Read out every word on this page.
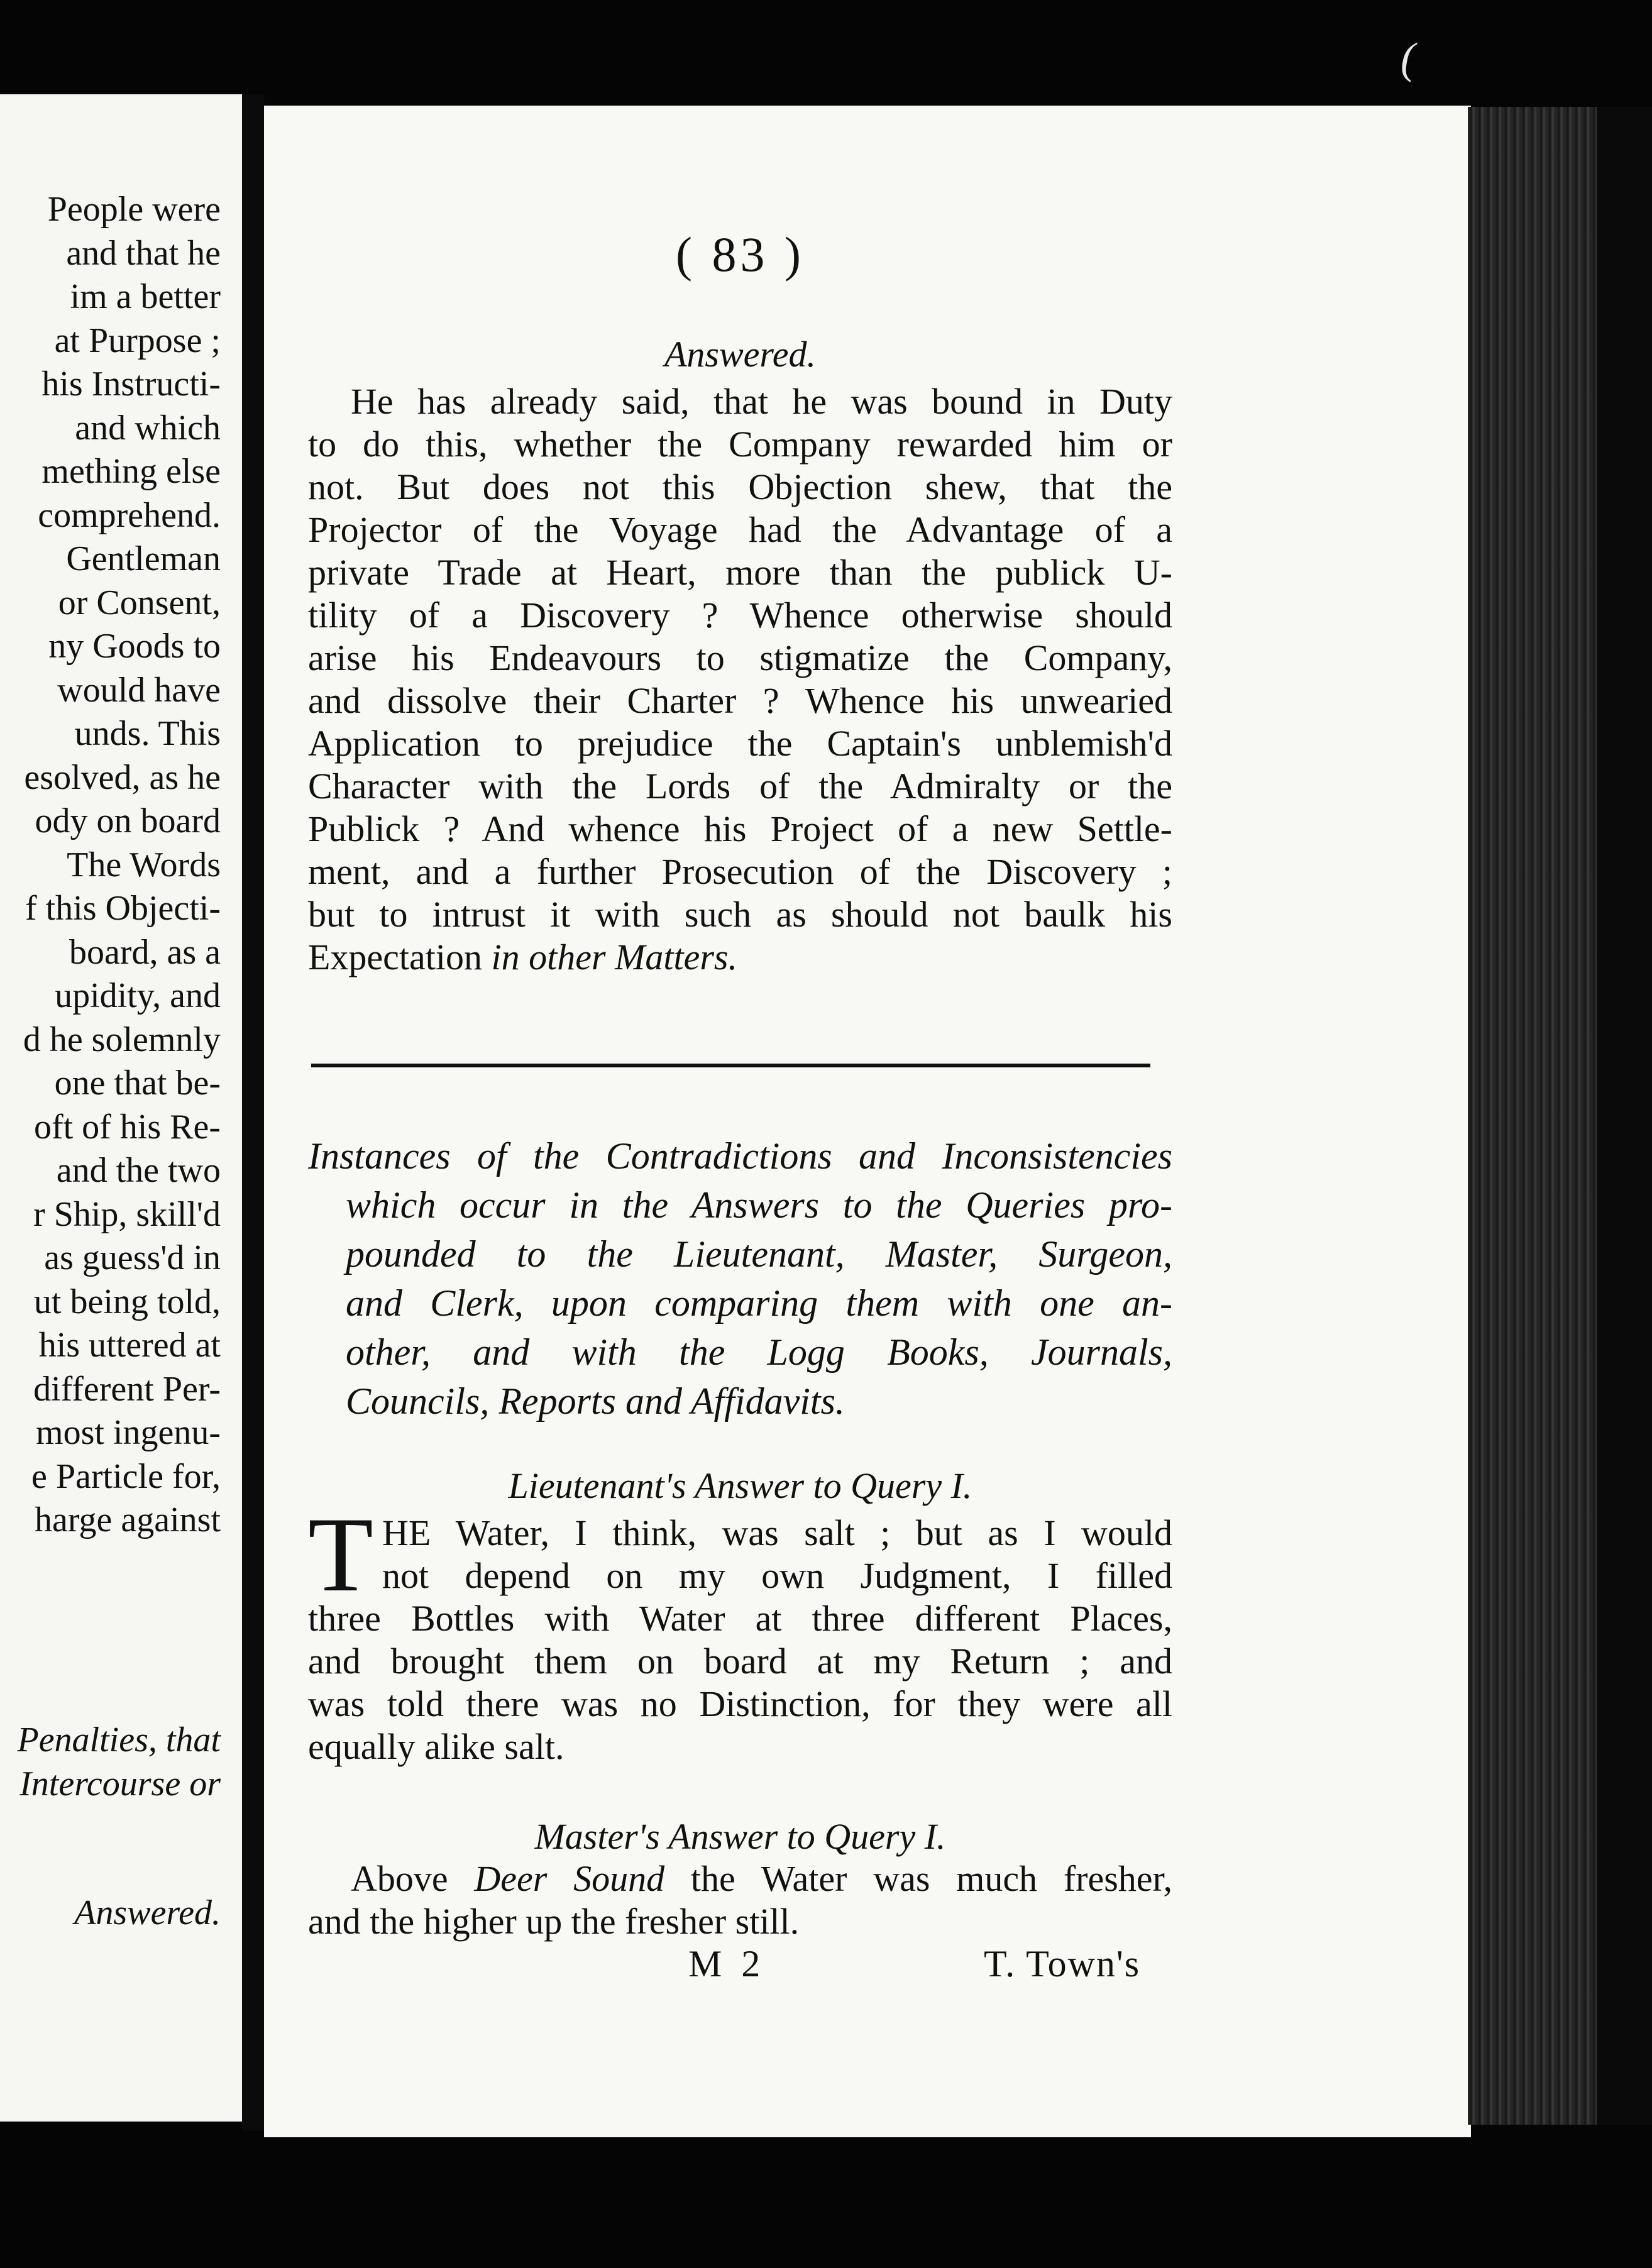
People were
and that he
im a better
at Purpose ;
his Instructi-
and which
mething else
comprehend.
Gentleman
or Consent,
ny Goods to
would have
unds. This
esolved, as he
ody on board
The Words
f this Objecti-
board, as a
upidity, and
d he solemnly
one that be-
oft of his Re-
and the two
r Ship, skill'd
as guess'd in
ut being told,
his uttered at
different Per-
most ingenu-
e Particle for,
harge against
Penalties, that
Intercourse or
Answered.
(
( 83 )
Answered.
He has already said, that he was bound in Duty
to do this, whether the Company rewarded him or
not. But does not this Objection shew, that the
Projector of the Voyage had the Advantage of a
private Trade at Heart, more than the publick U-
tility of a Discovery ? Whence otherwise should
arise his Endeavours to stigmatize the Company,
and dissolve their Charter ? Whence his unwearied
Application to prejudice the Captain's unblemish'd
Character with the Lords of the Admiralty or the
Publick ? And whence his Project of a new Settle-
ment, and a further Prosecution of the Discovery ;
but to intrust it with such as should not baulk his
Expectation in other Matters.
Instances of the Contradictions and Inconsistencies
which occur in the Answers to the Queries pro-
pounded to the Lieutenant, Master, Surgeon,
and Clerk, upon comparing them with one an-
other, and with the Logg Books, Journals,
Councils, Reports and Affidavits.
Lieutenant's Answer to Query I.
T HE Water, I think, was salt ; but as I would
not depend on my own Judgment, I filled
three Bottles with Water at three different Places,
and brought them on board at my Return ; and
was told there was no Distinction, for they were all
equally alike salt.
Master's Answer to Query I.
Above Deer Sound the Water was much fresher,
and the higher up the fresher still.
M 2	T. Town's
